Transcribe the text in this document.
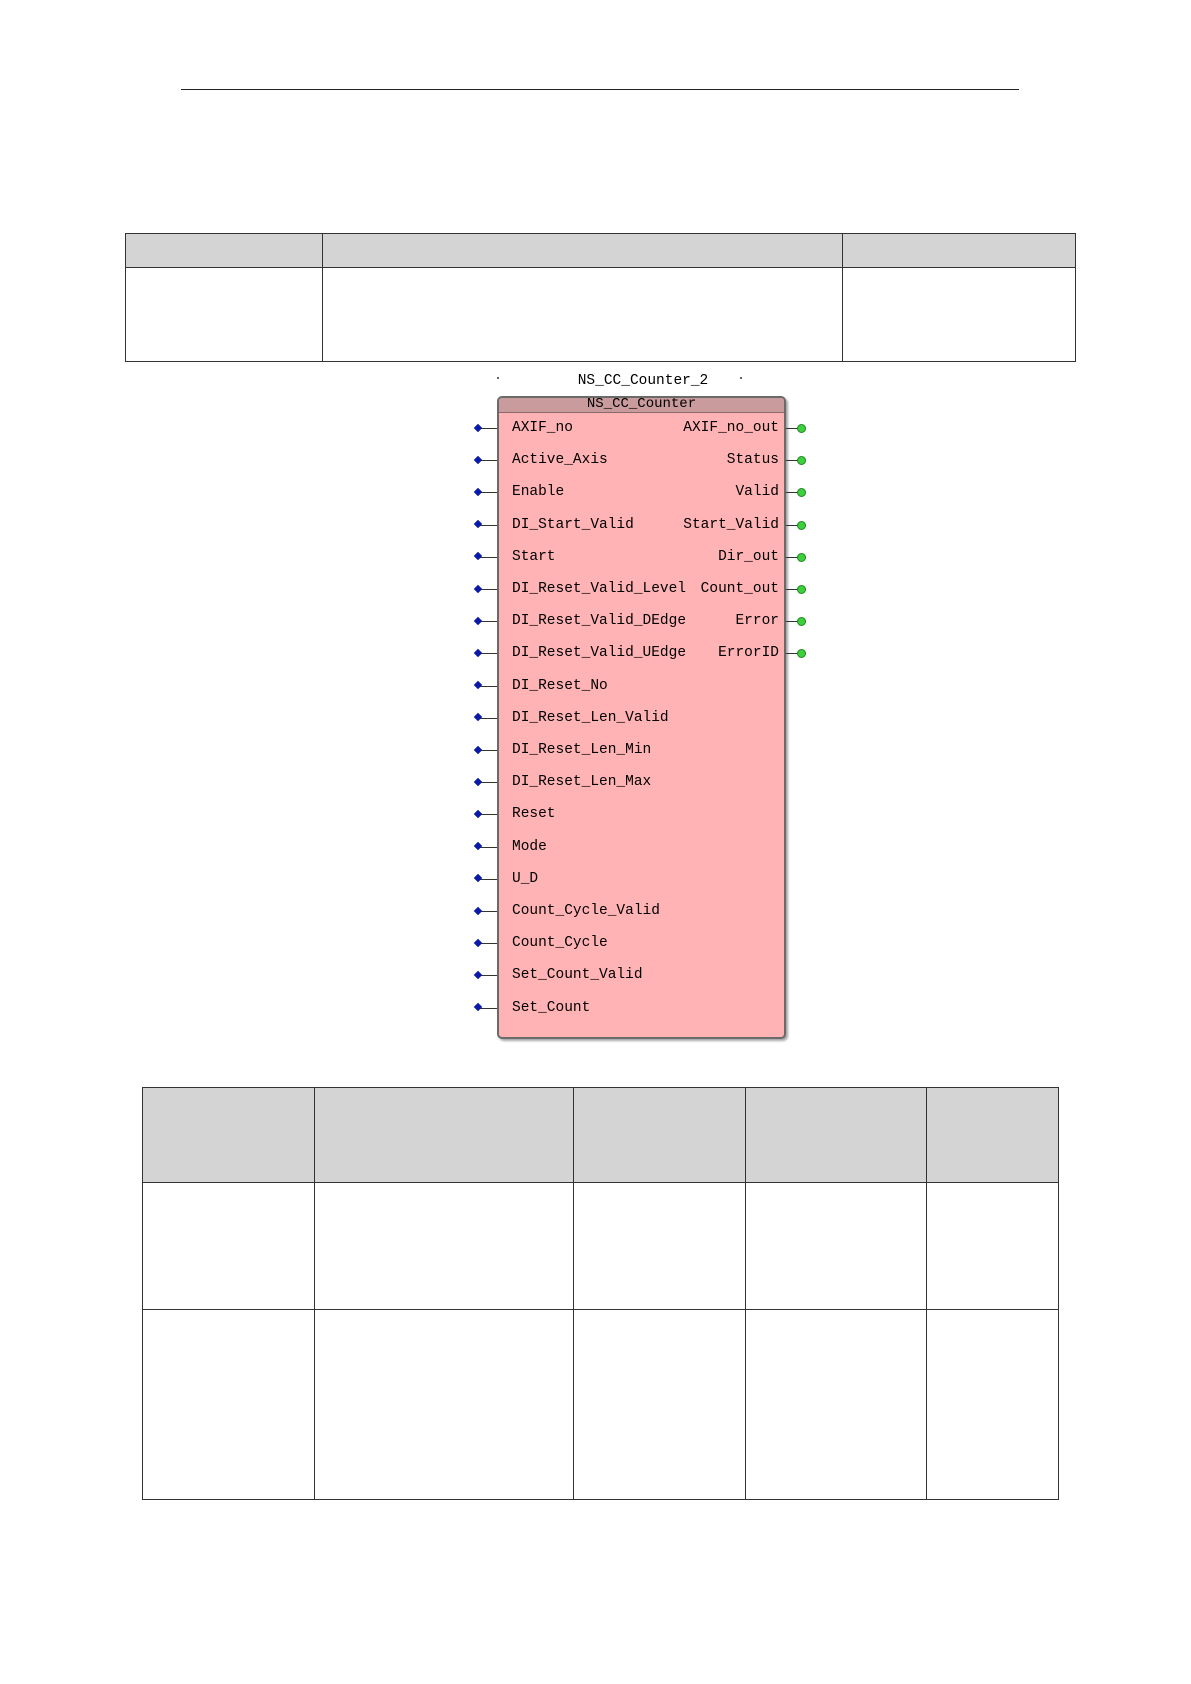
NS_CC_Counter_2
NS_CC_Counter
AXIF_no
Active_Axis
Enable
DI_Start_Valid
Start
DI_Reset_Valid_Level
DI_Reset_Valid_DEdge
DI_Reset_Valid_UEdge
DI_Reset_No
DI_Reset_Len_Valid
DI_Reset_Len_Min
DI_Reset_Len_Max
Reset
Mode
U_D
Count_Cycle_Valid
Count_Cycle
Set_Count_Valid
Set_Count
AXIF_no_out
Status
Valid
Start_Valid
Dir_out
Count_out
Error
ErrorID
